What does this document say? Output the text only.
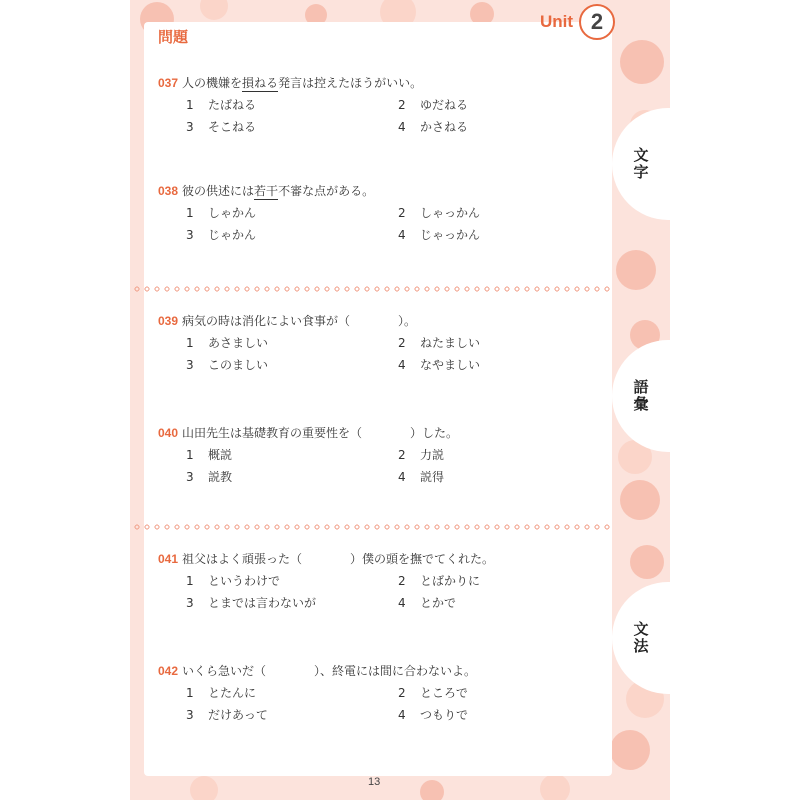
問題
Unit 2
文字
語彙
文法
037 人の機嫌を損ねる発言は控えたほうがいい。
1 たばねる	2 ゆだねる
3 そこねる	4 かさねる
038 彼の供述には若干不審な点がある。
1 しゃかん	2 しゃっかん
3 じゃかん	4 じゃっかん
039 病気の時は消化によい食事が（	）。
1 あさましい	2 ねたましい
3 このましい	4 なやましい
040 山田先生は基礎教育の重要性を（	）した。
1 概説	2 力説
3 説教	4 説得
041 祖父はよく頑張った（	）僕の頭を撫でてくれた。
1 というわけで	2 とばかりに
3 とまでは言わないが	4 とかで
042 いくら急いだ（	）、終電には間に合わないよ。
1 とたんに	2 ところで
3 だけあって	4 つもりで
13
